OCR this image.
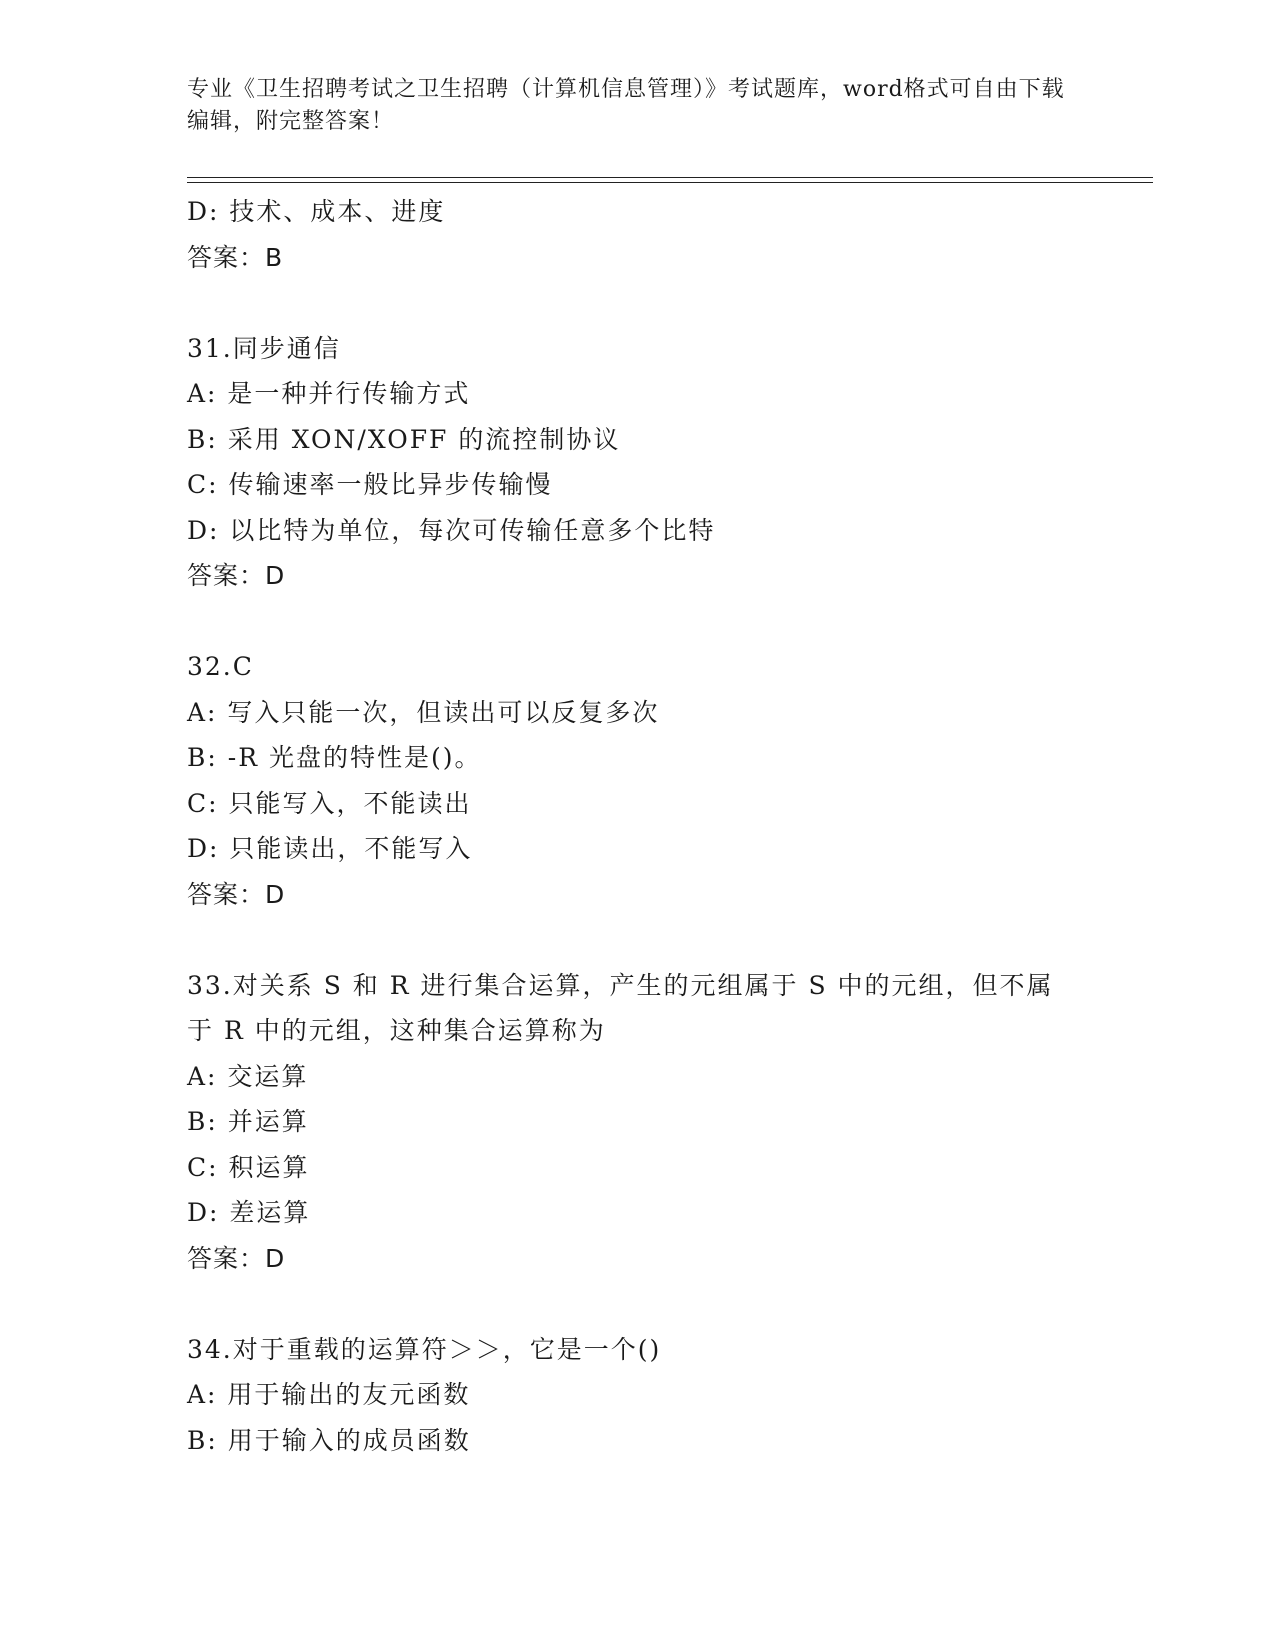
专业《卫生招聘考试之卫生招聘（计算机信息管理）》考试题库，word格式可自由下载编辑，附完整答案！
D: 技术、成本、进度
答案：B
31.同步通信
A: 是一种并行传输方式
B: 采用 XON/XOFF 的流控制协议
C: 传输速率一般比异步传输慢
D: 以比特为单位，每次可传输任意多个比特
答案：D
32.C
A: 写入只能一次，但读出可以反复多次
B: -R 光盘的特性是()。
C: 只能写入，不能读出
D: 只能读出，不能写入
答案：D
33.对关系 S 和 R 进行集合运算，产生的元组属于 S 中的元组，但不属
于 R 中的元组，这种集合运算称为
A: 交运算
B: 并运算
C: 积运算
D: 差运算
答案：D
34.对于重载的运算符＞＞，它是一个()
A: 用于输出的友元函数
B: 用于输入的成员函数
